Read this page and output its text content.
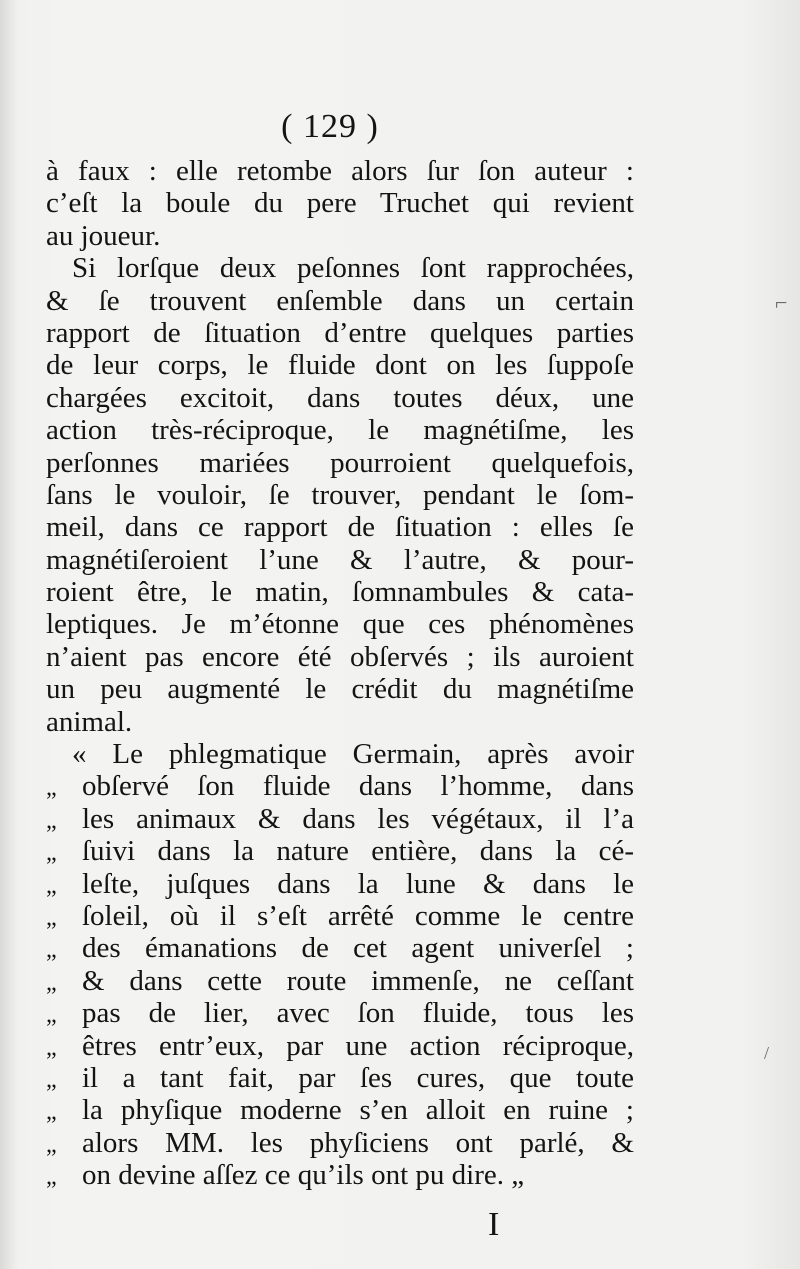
( 129 )
à faux : elle retombe alors ſur ſon auteur :
c’eſt la boule du pere Truchet qui revient
au joueur.
Si lorſque deux peſonnes ſont rapprochées,
& ſe trouvent enſemble dans un certain
rapport de ſituation d’entre quelques parties
de leur corps, le fluide dont on les ſuppoſe
chargées excitoit, dans toutes déux, une
action très-réciproque, le magnétiſme, les
perſonnes mariées pourroient quelquefois,
ſans le vouloir, ſe trouver, pendant le ſom-
meil, dans ce rapport de ſituation : elles ſe
magnétiſeroient l’une & l’autre, & pour-
roient être, le matin, ſomnambules & cata-
leptiques. Je m’étonne que ces phénomènes
n’aient pas encore été obſervés ; ils auroient
un peu augmenté le crédit du magnétiſme
animal.
« Le phlegmatique Germain, après avoir
„ obſervé ſon fluide dans l’homme, dans
„ les animaux & dans les végétaux, il l’a
„ ſuivi dans la nature entière, dans la cé-
„ leſte, juſques dans la lune & dans le
„ ſoleil, où il s’eſt arrêté comme le centre
„ des émanations de cet agent univerſel ;
„ & dans cette route immenſe, ne ceſſant
„ pas de lier, avec ſon fluide, tous les
„ êtres entr’eux, par une action réciproque,
„ il a tant fait, par ſes cures, que toute
„ la phyſique moderne s’en alloit en ruine ;
„ alors MM. les phyſiciens ont parlé, &
„ on devine aſſez ce qu’ils ont pu dire. „
I
⌐
/
